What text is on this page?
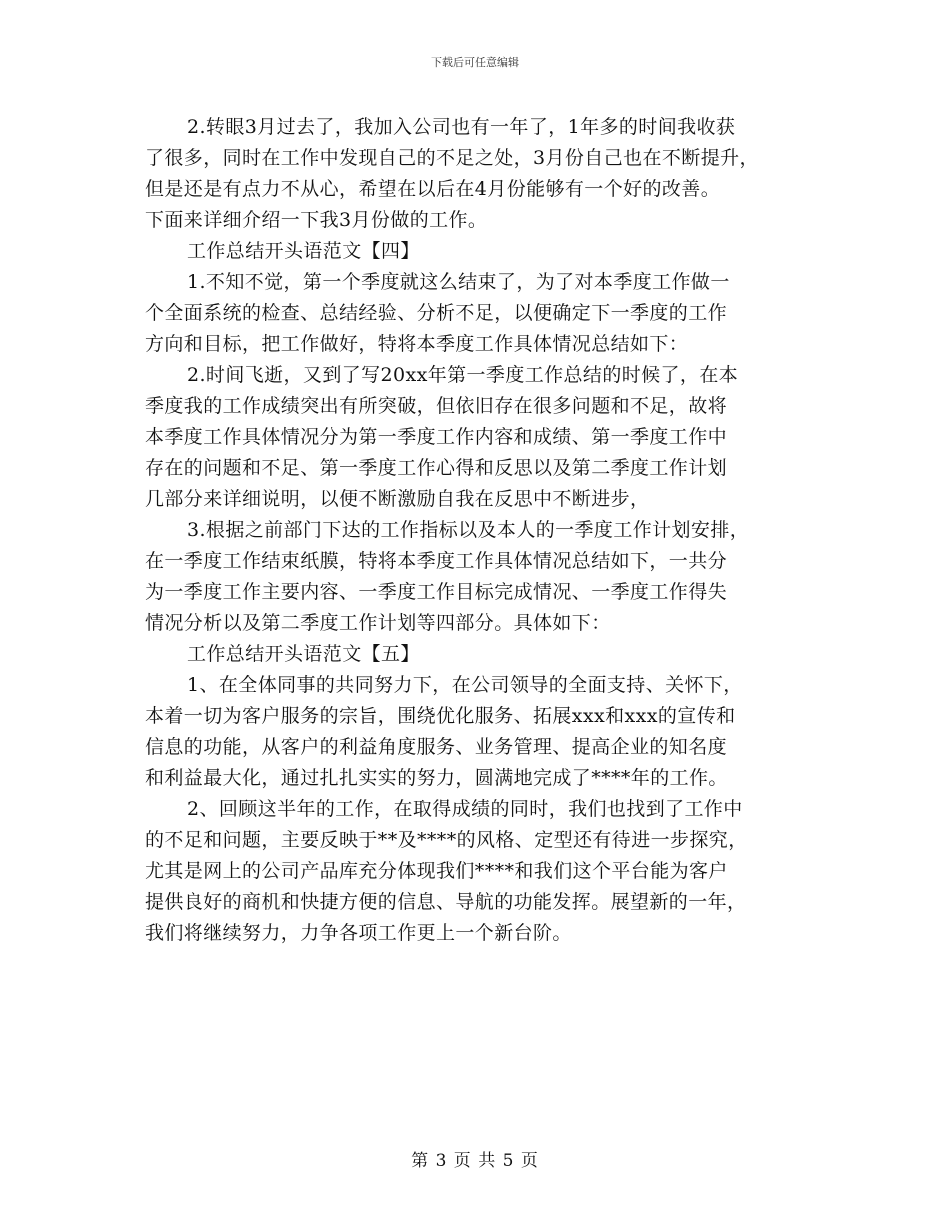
下载后可任意编辑
2.转眼3月过去了，我加入公司也有一年了，1年多的时间我收获
了很多，同时在工作中发现自己的不足之处，3月份自己也在不断提升，
但是还是有点力不从心，希望在以后在4月份能够有一个好的改善。
下面来详细介绍一下我3月份做的工作。
工作总结开头语范文【四】
1.不知不觉，第一个季度就这么结束了，为了对本季度工作做一
个全面系统的检查、总结经验、分析不足，以便确定下一季度的工作
方向和目标，把工作做好，特将本季度工作具体情况总结如下：
2.时间飞逝，又到了写20xx年第一季度工作总结的时候了，在本
季度我的工作成绩突出有所突破，但依旧存在很多问题和不足，故将
本季度工作具体情况分为第一季度工作内容和成绩、第一季度工作中
存在的问题和不足、第一季度工作心得和反思以及第二季度工作计划
几部分来详细说明，以便不断激励自我在反思中不断进步，
3.根据之前部门下达的工作指标以及本人的一季度工作计划安排，
在一季度工作结束纸膜，特将本季度工作具体情况总结如下，一共分
为一季度工作主要内容、一季度工作目标完成情况、一季度工作得失
情况分析以及第二季度工作计划等四部分。具体如下：
工作总结开头语范文【五】
1、在全体同事的共同努力下，在公司领导的全面支持、关怀下，
本着一切为客户服务的宗旨，围绕优化服务、拓展xxx和xxx的宣传和
信息的功能，从客户的利益角度服务、业务管理、提高企业的知名度
和利益最大化，通过扎扎实实的努力，圆满地完成了****年的工作。
2、回顾这半年的工作，在取得成绩的同时，我们也找到了工作中
的不足和问题，主要反映于**及****的风格、定型还有待进一步探究，
尤其是网上的公司产品库充分体现我们****和我们这个平台能为客户
提供良好的商机和快捷方便的信息、导航的功能发挥。展望新的一年，
我们将继续努力，力争各项工作更上一个新台阶。
第 3 页 共 5 页
